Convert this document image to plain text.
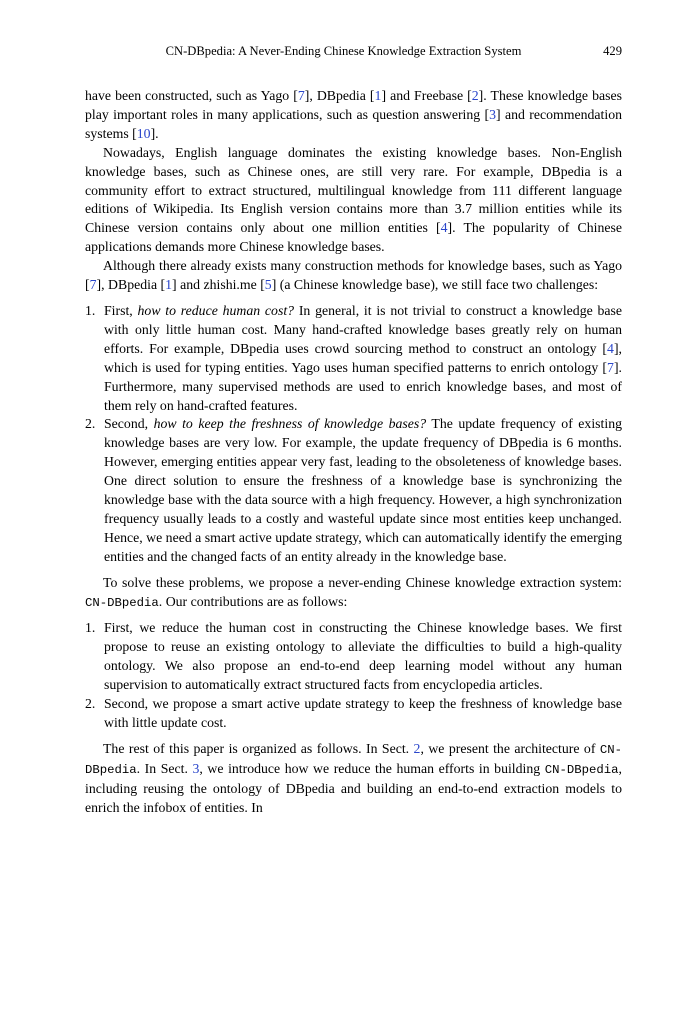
CN-DBpedia: A Never-Ending Chinese Knowledge Extraction System	429

have been constructed, such as Yago [7], DBpedia [1] and Freebase [2]. These knowledge bases play important roles in many applications, such as question answering [3] and recommendation systems [10].

Nowadays, English language dominates the existing knowledge bases. Non-English knowledge bases, such as Chinese ones, are still very rare. For example, DBpedia is a community effort to extract structured, multilingual knowledge from 111 different language editions of Wikipedia. Its English version contains more than 3.7 million entities while its Chinese version contains only about one million entities [4]. The popularity of Chinese applications demands more Chinese knowledge bases.

Although there already exists many construction methods for knowledge bases, such as Yago [7], DBpedia [1] and zhishi.me [5] (a Chinese knowledge base), we still face two challenges:

1. First, how to reduce human cost? In general, it is not trivial to construct a knowledge base with only little human cost. Many hand-crafted knowledge bases greatly rely on human efforts. For example, DBpedia uses crowd sourcing method to construct an ontology [4], which is used for typing entities. Yago uses human specified patterns to enrich ontology [7]. Furthermore, many supervised methods are used to enrich knowledge bases, and most of them rely on hand-crafted features.
2. Second, how to keep the freshness of knowledge bases? The update frequency of existing knowledge bases are very low. For example, the update frequency of DBpedia is 6 months. However, emerging entities appear very fast, leading to the obsoleteness of knowledge bases. One direct solution to ensure the freshness of a knowledge base is synchronizing the knowledge base with the data source with a high frequency. However, a high synchronization frequency usually leads to a costly and wasteful update since most entities keep unchanged. Hence, we need a smart active update strategy, which can automatically identify the emerging entities and the changed facts of an entity already in the knowledge base.

To solve these problems, we propose a never-ending Chinese knowledge extraction system: CN-DBpedia. Our contributions are as follows:

1. First, we reduce the human cost in constructing the Chinese knowledge bases. We first propose to reuse an existing ontology to alleviate the difficulties to build a high-quality ontology. We also propose an end-to-end deep learning model without any human supervision to automatically extract structured facts from encyclopedia articles.
2. Second, we propose a smart active update strategy to keep the freshness of knowledge base with little update cost.

The rest of this paper is organized as follows. In Sect. 2, we present the architecture of CN-DBpedia. In Sect. 3, we introduce how we reduce the human efforts in building CN-DBpedia, including reusing the ontology of DBpedia and building an end-to-end extraction models to enrich the infobox of entities. In
